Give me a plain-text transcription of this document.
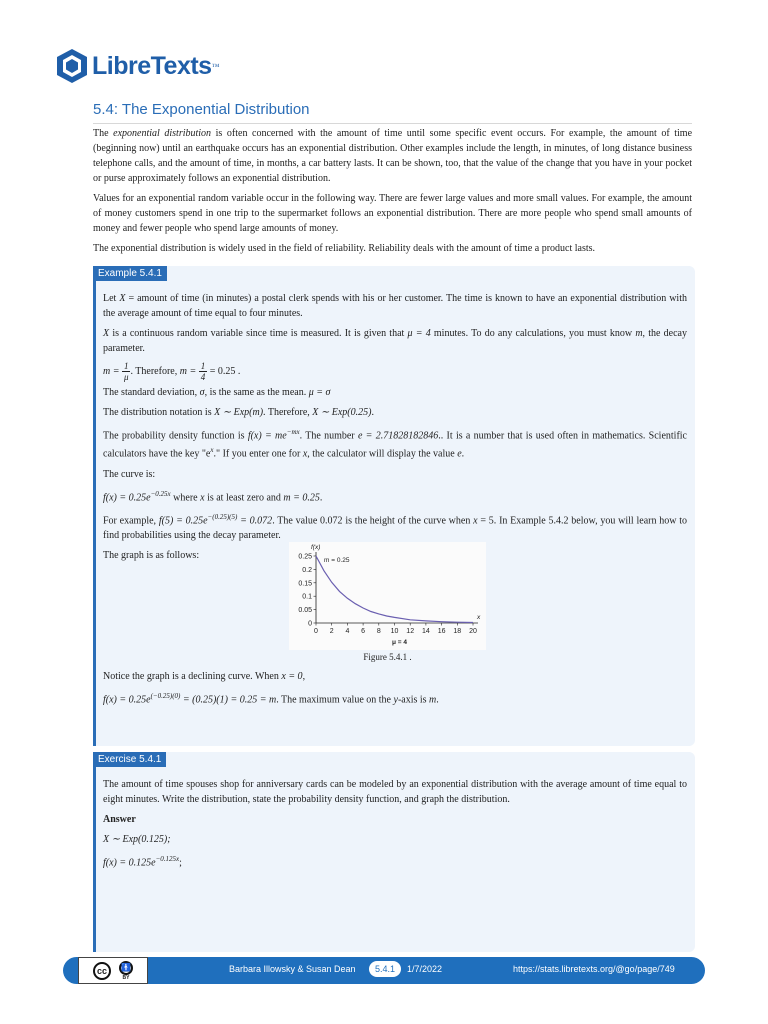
LibreTexts ™
5.4: The Exponential Distribution

The exponential distribution is often concerned with the amount of time until some specific event occurs. For example, the amount of time (beginning now) until an earthquake occurs has an exponential distribution. Other examples include the length, in minutes, of long distance business telephone calls, and the amount of time, in months, a car battery lasts. It can be shown, too, that the value of the change that you have in your pocket or purse approximately follows an exponential distribution.

Values for an exponential random variable occur in the following way. There are fewer large values and more small values. For example, the amount of money customers spend in one trip to the supermarket follows an exponential distribution. There are more people who spend small amounts of money and fewer people who spend large amounts of money.

The exponential distribution is widely used in the field of reliability. Reliability deals with the amount of time a product lasts.

Example 5.4.1

Let X = amount of time (in minutes) a postal clerk spends with his or her customer. The time is known to have an exponential distribution with the average amount of time equal to four minutes.

X is a continuous random variable since time is measured. It is given that μ = 4 minutes. To do any calculations, you must know m, the decay parameter.

$m = \frac{1}{\mu}$ . Therefore, $m = \frac{1}{4} = 0.25$ .

The standard deviation, σ, is the same as the mean. μ = σ

The distribution notation is X ∼ Exp(m). Therefore, X ∼ Exp(0.25).

The probability density function is $f(x) = me^{-mx}$. The number e = 2.71828182846.. It is a number that is used often in mathematics. Scientific calculators have the key "$e^x$." If you enter one for x, the calculator will display the value e.

The curve is:

$f(x) = 0.25e^{-0.25x}$ where x is at least zero and m = 0.25.

For example, $f(5) = 0.25e^{-(0.25)(5)} = 0.072$. The value 0.072 is the height of the curve when x = 5. In Example 5.4.2 below, you will learn how to find probabilities using the decay parameter.

The graph is as follows:

0 2 4 6 8 10 12 14 16 18 20
0
0.05
0.1
0.15
0.2
0.25
f(x)
x
m = 0.25
μ = 4
Figure 5.4.1 .

Notice the graph is a declining curve. When x = 0,

$f(x) = 0.25e^{(-0.25)(0)} = (0.25)(1) = 0.25 = m$. The maximum value on the y-axis is m.

Exercise 5.4.1

The amount of time spouses shop for anniversary cards can be modeled by an exponential distribution with the average amount of time equal to eight minutes. Write the distribution, state the probability density function, and graph the distribution.

Answer

X ∼ Exp(0.125);

$f(x) = 0.125e^{-0.125x}$;

cc	🚹
BY
Barbara Illowsky & Susan Dean	5.4.1	1/7/2022	https://stats.libretexts.org/@go/page/749
